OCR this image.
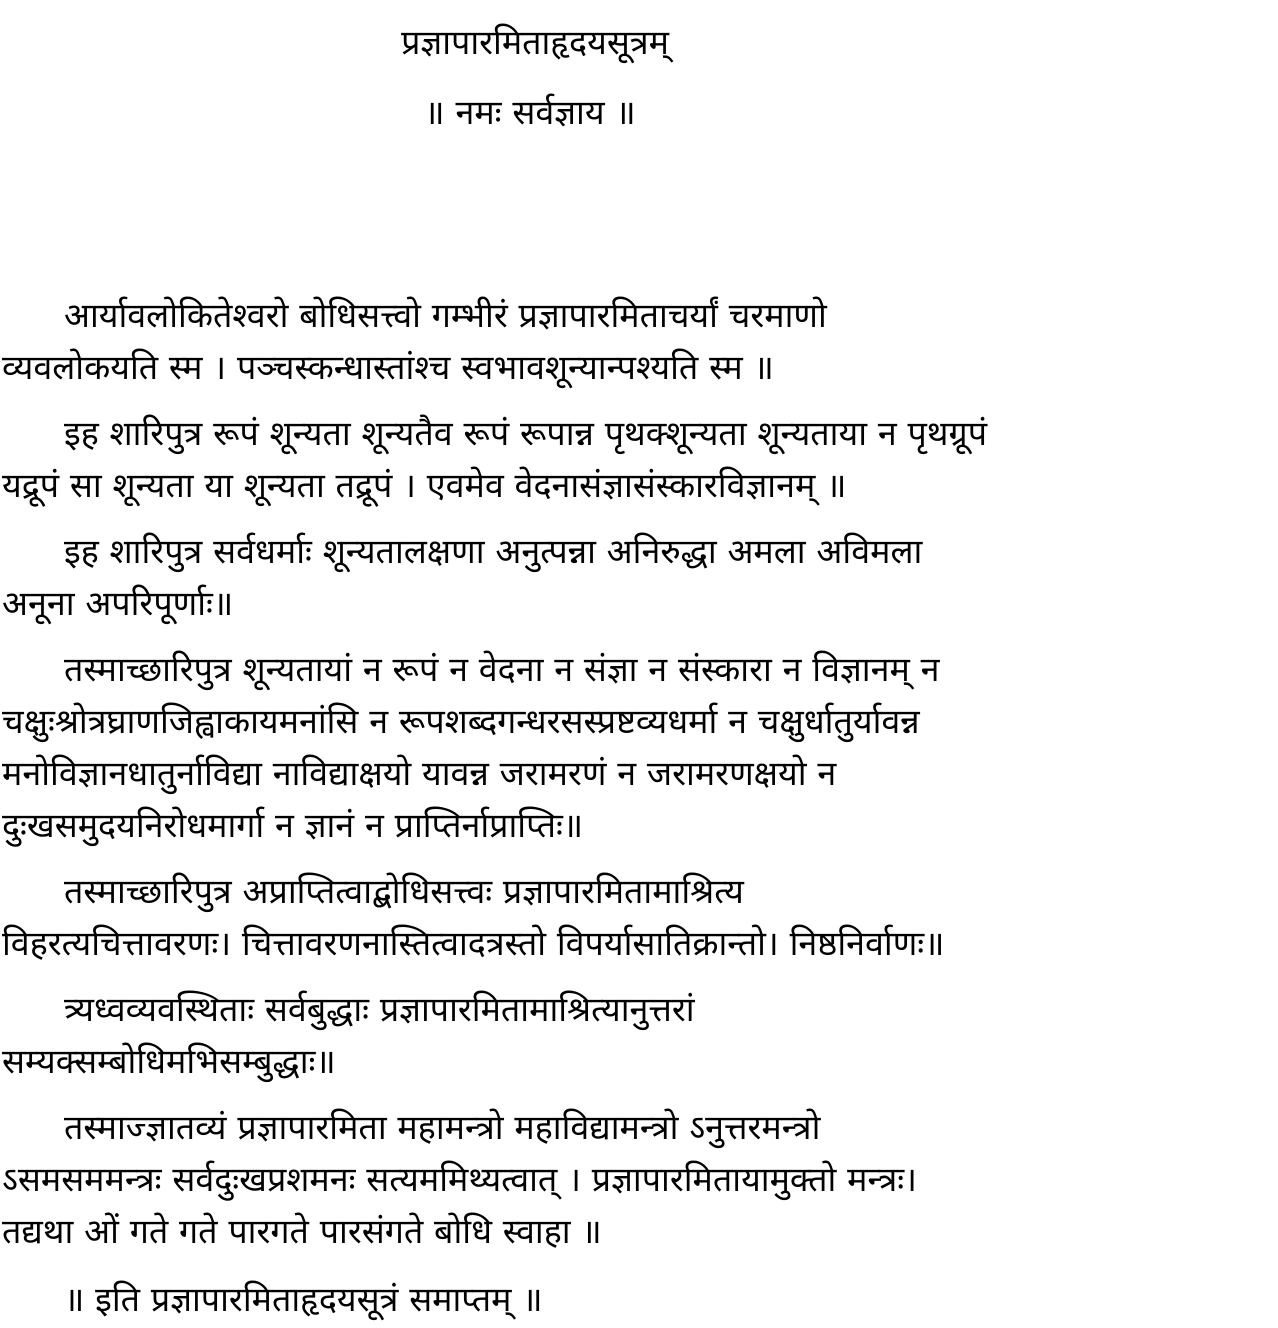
प्रज्ञापारमिताहृदयसूत्रम्
॥ नमः सर्वज्ञाय ॥
आर्यावलोकितेश्वरो बोधिसत्त्वो गम्भीरं प्रज्ञापारमिताचर्यां चरमाणो
व्यवलोकयति स्म । पञ्चस्कन्धास्तांश्च स्वभावशून्यान्पश्यति स्म ॥
इह शारिपुत्र रूपं शून्यता शून्यतैव रूपं रूपान्न पृथक्शून्यता शून्यताया न पृथग्रूपं
यद्रूपं सा शून्यता या शून्यता तद्रूपं । एवमेव वेदनासंज्ञासंस्कारविज्ञानम् ॥
इह शारिपुत्र सर्वधर्माः शून्यतालक्षणा अनुत्पन्ना अनिरुद्धा अमला अविमला
अनूना अपरिपूर्णाः॥
तस्माच्छारिपुत्र शून्यतायां न रूपं न वेदना न संज्ञा न संस्कारा न विज्ञानम् न
चक्षुःश्रोत्रघ्राणजिह्वाकायमनांसि न रूपशब्दगन्धरसस्प्रष्टव्यधर्मा न चक्षुर्धातुर्यावन्न
मनोविज्ञानधातुर्नाविद्या नाविद्याक्षयो यावन्न जरामरणं न जरामरणक्षयो न
दुःखसमुदयनिरोधमार्गा न ज्ञानं न प्राप्तिर्नाप्राप्तिः॥
तस्माच्छारिपुत्र अप्राप्तित्वाद्बोधिसत्त्वः प्रज्ञापारमितामाश्रित्य
विहरत्यचित्तावरणः। चित्तावरणनास्तित्वादत्रस्तो विपर्यासातिक्रान्तो। निष्ठनिर्वाणः॥
त्र्यध्वव्यवस्थिताः सर्वबुद्धाः प्रज्ञापारमितामाश्रित्यानुत्तरां
सम्यक्सम्बोधिमभिसम्बुद्धाः॥
तस्माज्ज्ञातव्यं प्रज्ञापारमिता महामन्त्रो महाविद्यामन्त्रो ऽनुत्तरमन्त्रो
ऽसमसममन्त्रः सर्वदुःखप्रशमनः सत्यममिथ्यत्वात् । प्रज्ञापारमितायामुक्तो मन्त्रः।
तद्यथा ओं गते गते पारगते पारसंगते बोधि स्वाहा ॥
॥ इति प्रज्ञापारमिताहृदयसूत्रं समाप्तम् ॥
